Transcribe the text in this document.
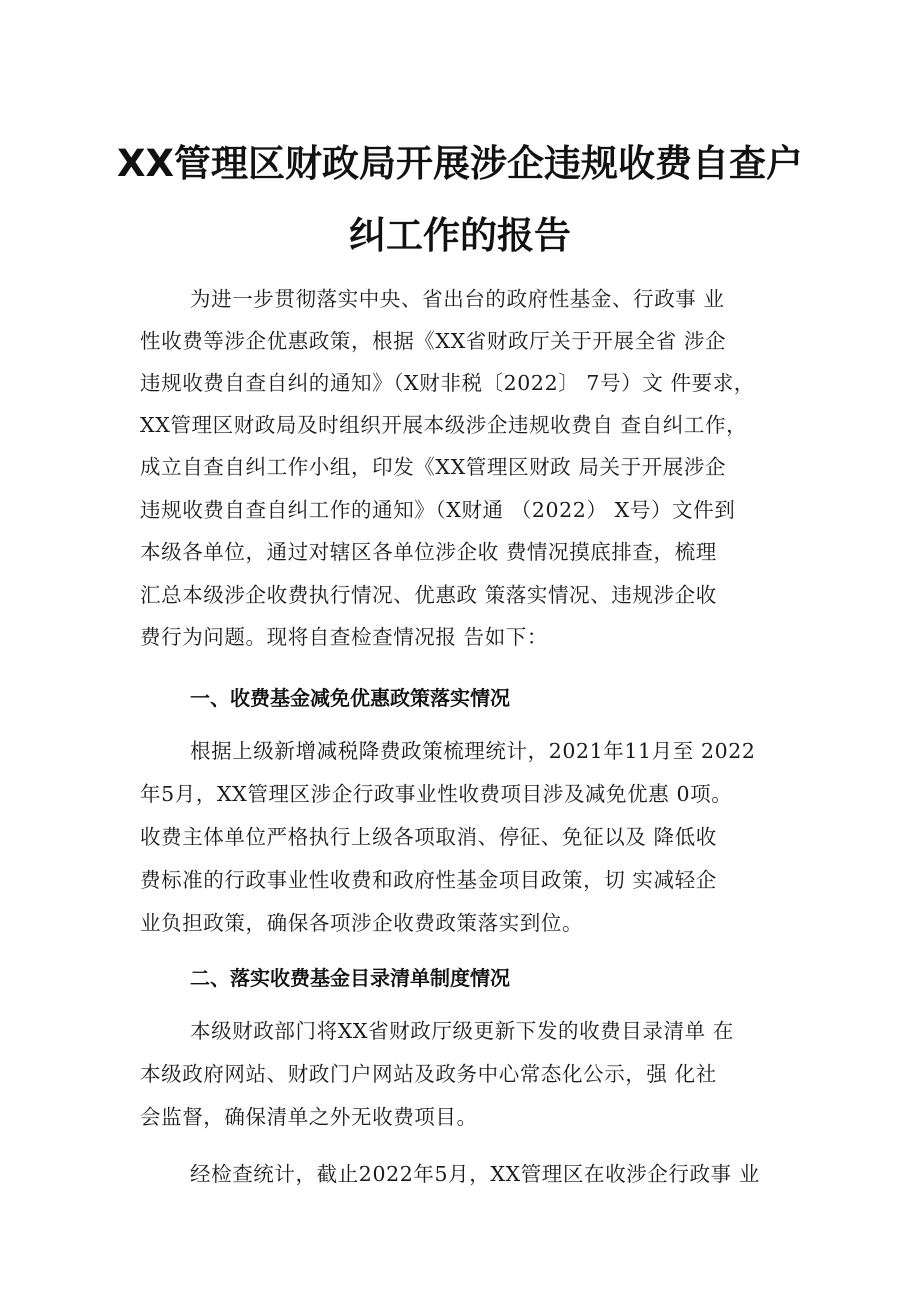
XX管理区财政局开展涉企违规收费自查户
纠工作的报告
为进一步贯彻落实中央、省出台的政府性基金、行政事 业
性收费等涉企优惠政策，根据《XX省财政厅关于开展全省 涉企
违规收费自查自纠的通知》（X财非税〔2022〕 7号）文 件要求，
XX管理区财政局及时组织开展本级涉企违规收费自 查自纠工作，
成立自查自纠工作小组，印发《XX管理区财政 局关于开展涉企
违规收费自查自纠工作的通知》（X财通 （2022） X号）文件到
本级各单位，通过对辖区各单位涉企收 费情况摸底排查，梳理
汇总本级涉企收费执行情况、优惠政 策落实情况、违规涉企收
费行为问题。现将自查检查情况报 告如下：
一、收费基金减免优惠政策落实情况
根据上级新增减税降费政策梳理统计，2021年11月至 2022
年5月，XX管理区涉企行政事业性收费项目涉及减免优惠 0项。
收费主体单位严格执行上级各项取消、停征、免征以及 降低收
费标准的行政事业性收费和政府性基金项目政策，切 实减轻企
业负担政策，确保各项涉企收费政策落实到位。
二、落实收费基金目录清单制度情况
本级财政部门将XX省财政厅级更新下发的收费目录清单 在
本级政府网站、财政门户网站及政务中心常态化公示，强 化社
会监督，确保清单之外无收费项目。
经检查统计，截止2022年5月，XX管理区在收涉企行政事 业
